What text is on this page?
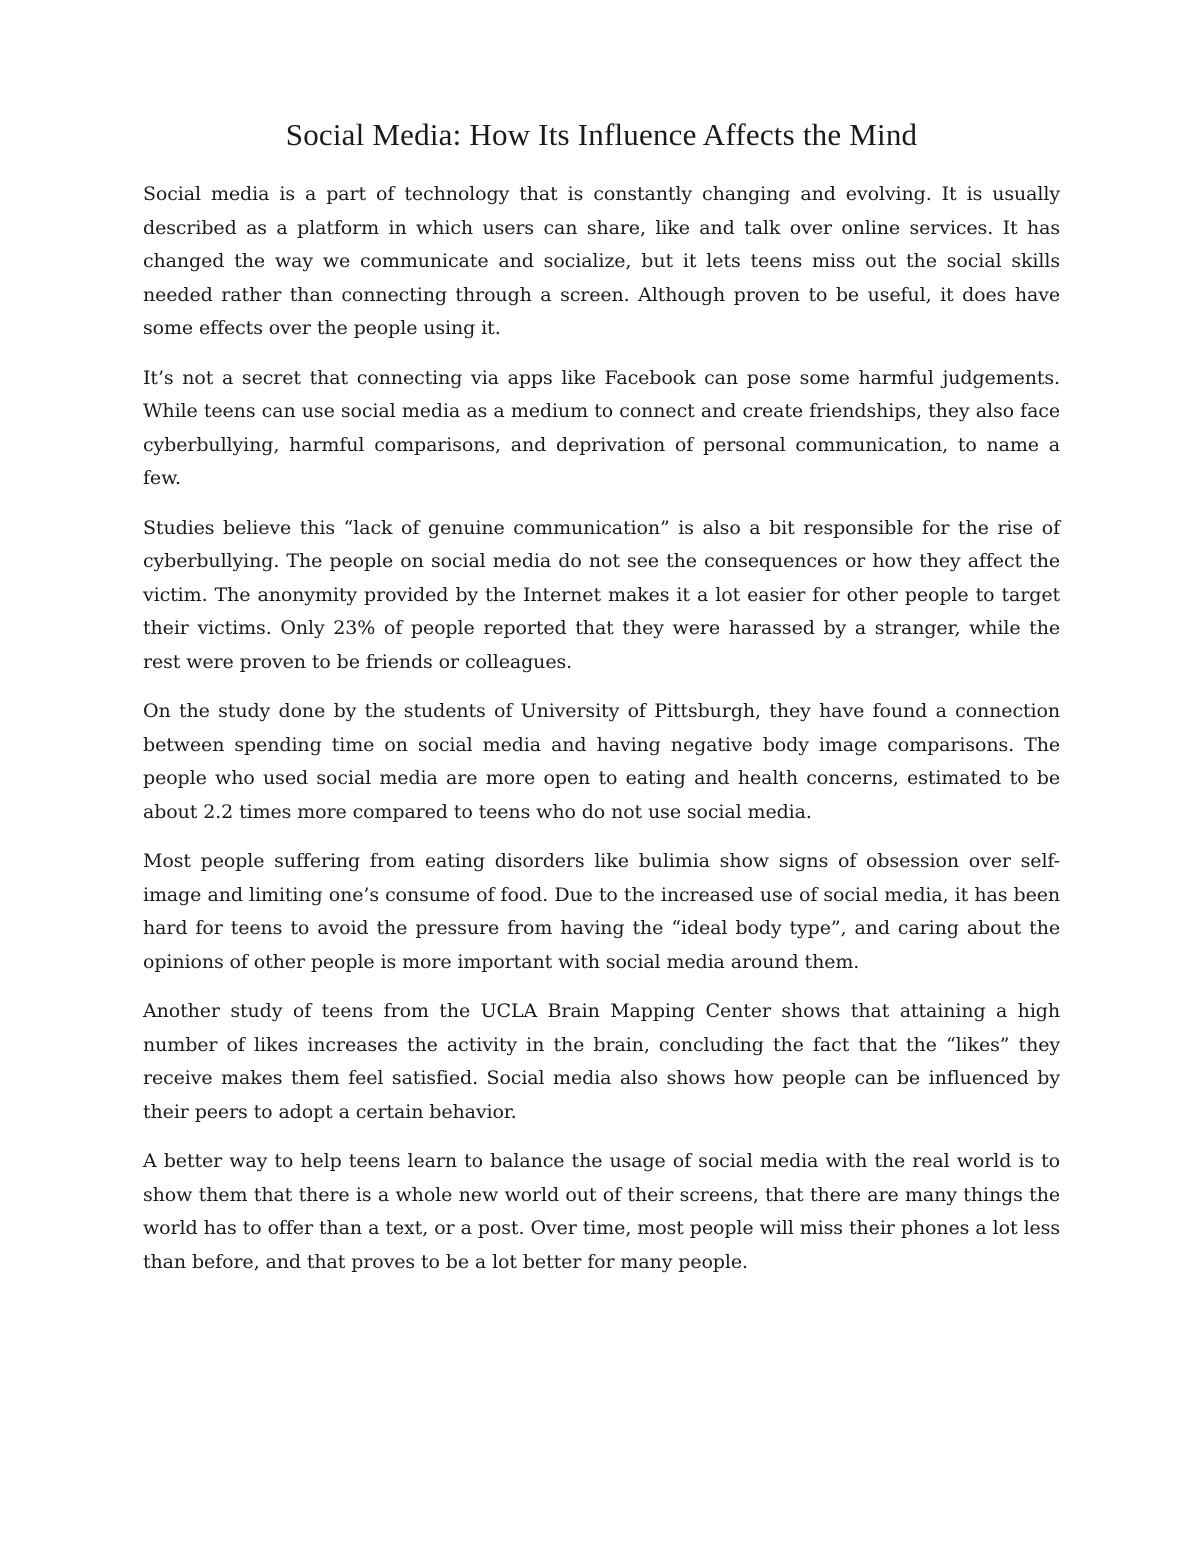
Social Media: How Its Influence Affects the Mind

Social media is a part of technology that is constantly changing and evolving. It is usually described as a platform in which users can share, like and talk over online services. It has changed the way we communicate and socialize, but it lets teens miss out the social skills needed rather than connecting through a screen. Although proven to be useful, it does have some effects over the people using it.

It’s not a secret that connecting via apps like Facebook can pose some harmful judgements. While teens can use social media as a medium to connect and create friendships, they also face cyberbullying, harmful comparisons, and deprivation of personal communication, to name a few.

Studies believe this “lack of genuine communication” is also a bit responsible for the rise of cyberbullying. The people on social media do not see the consequences or how they affect the victim. The anonymity provided by the Internet makes it a lot easier for other people to target their victims. Only 23% of people reported that they were harassed by a stranger, while the rest were proven to be friends or colleagues.

On the study done by the students of University of Pittsburgh, they have found a connection between spending time on social media and having negative body image comparisons. The people who used social media are more open to eating and health concerns, estimated to be about 2.2 times more compared to teens who do not use social media.

Most people suffering from eating disorders like bulimia show signs of obsession over self-image and limiting one’s consume of food. Due to the increased use of social media, it has been hard for teens to avoid the pressure from having the “ideal body type”, and caring about the opinions of other people is more important with social media around them.

Another study of teens from the UCLA Brain Mapping Center shows that attaining a high number of likes increases the activity in the brain, concluding the fact that the “likes” they receive makes them feel satisfied. Social media also shows how people can be influenced by their peers to adopt a certain behavior.

A better way to help teens learn to balance the usage of social media with the real world is to show them that there is a whole new world out of their screens, that there are many things the world has to offer than a text, or a post. Over time, most people will miss their phones a lot less than before, and that proves to be a lot better for many people.
